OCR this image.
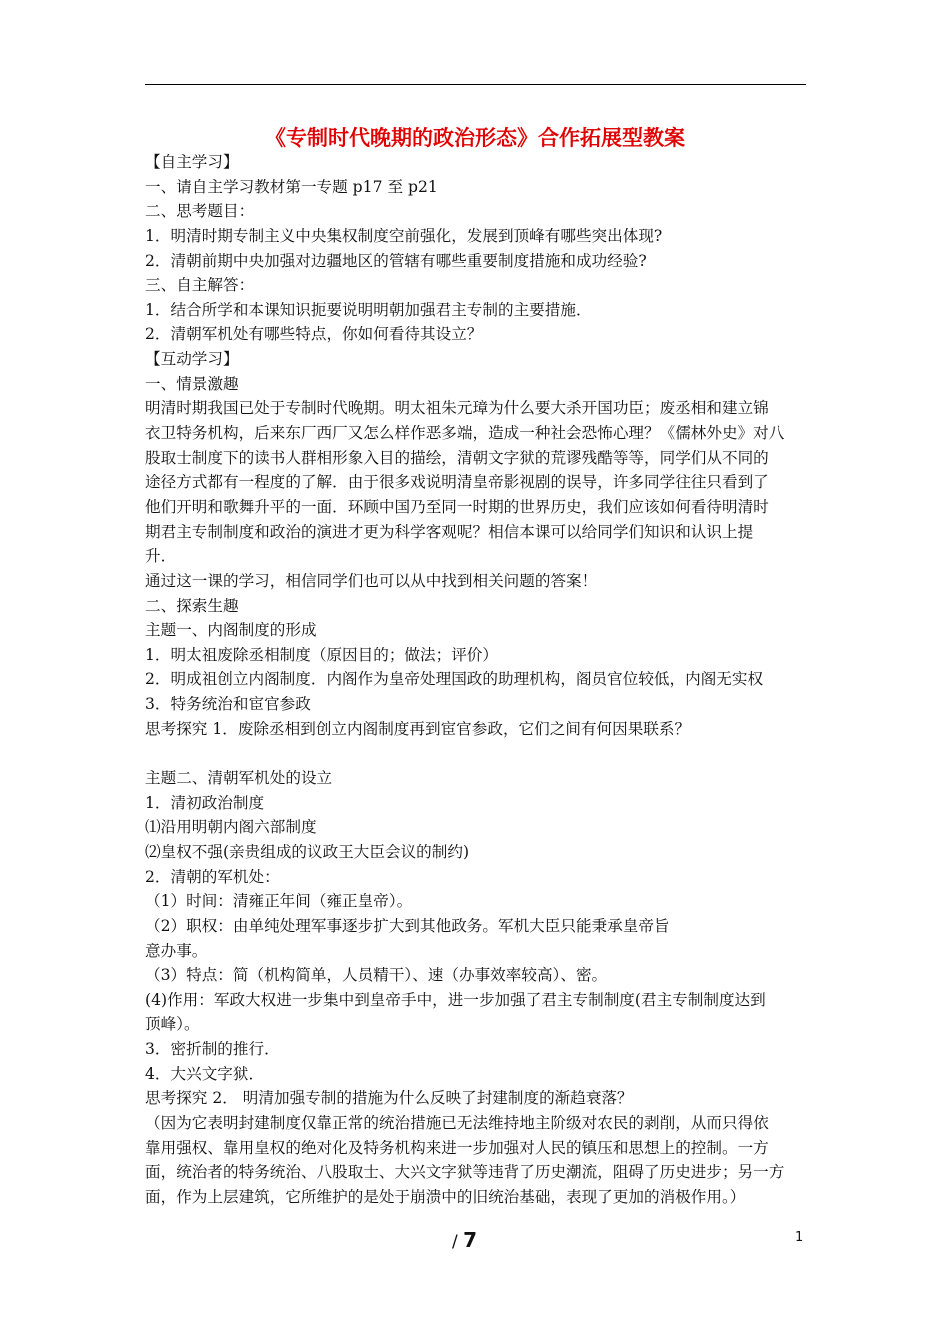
《专制时代晚期的政治形态》合作拓展型教案
【自主学习】
一、请自主学习教材第一专题 p17 至 p21
二、思考题目：
1．明清时期专制主义中央集权制度空前强化，发展到顶峰有哪些突出体现?
2．清朝前期中央加强对边疆地区的管辖有哪些重要制度措施和成功经验?
三、自主解答：
1．结合所学和本课知识扼要说明明朝加强君主专制的主要措施．
2．清朝军机处有哪些特点，你如何看待其设立？
【互动学习】
一、情景激趣
明清时期我国已处于专制时代晚期。明太祖朱元璋为什么要大杀开国功臣；废丞相和建立锦
衣卫特务机构，后来东厂西厂又怎么样作恶多端，造成一种社会恐怖心理？《儒林外史》对八
股取士制度下的读书人群相形象入目的描绘，清朝文字狱的荒谬残酷等等，同学们从不同的
途径方式都有一程度的了解．由于很多戏说明清皇帝影视剧的误导，许多同学往往只看到了
他们开明和歌舞升平的一面．环顾中国乃至同一时期的世界历史，我们应该如何看待明清时
期君主专制制度和政治的演进才更为科学客观呢？相信本课可以给同学们知识和认识上提
升．
通过这一课的学习，相信同学们也可以从中找到相关问题的答案！
二、探索生趣
主题一、内阁制度的形成
1．明太祖废除丞相制度（原因目的；做法；评价）
2．明成祖创立内阁制度．内阁作为皇帝处理国政的助理机构，阁员官位较低，内阁无实权
3．特务统治和宦官参政
思考探究 1．废除丞相到创立内阁制度再到宦官参政，它们之间有何因果联系？
主题二、清朝军机处的设立
1．清初政治制度
⑴沿用明朝内阁六部制度
⑵皇权不强(亲贵组成的议政王大臣会议的制约)
2．清朝的军机处：
（1）时间：清雍正年间（雍正皇帝）。
（2）职权：由单纯处理军事逐步扩大到其他政务。军机大臣只能秉承皇帝旨
意办事。
（3）特点：简（机构简单，人员精干）、速（办事效率较高）、密。
(4)作用：军政大权进一步集中到皇帝手中，进一步加强了君主专制制度(君主专制制度达到
顶峰）。
3．密折制的推行．
4．大兴文字狱．
思考探究 2． 明清加强专制的措施为什么反映了封建制度的渐趋衰落？
（因为它表明封建制度仅靠正常的统治措施已无法维持地主阶级对农民的剥削，从而只得依
靠用强权、靠用皇权的绝对化及特务机构来进一步加强对人民的镇压和思想上的控制。一方
面，统治者的特务统治、八股取士、大兴文字狱等违背了历史潮流，阻碍了历史进步；另一方
面，作为上层建筑，它所维护的是处于崩溃中的旧统治基础，表现了更加的消极作用。）
/ 7	1
